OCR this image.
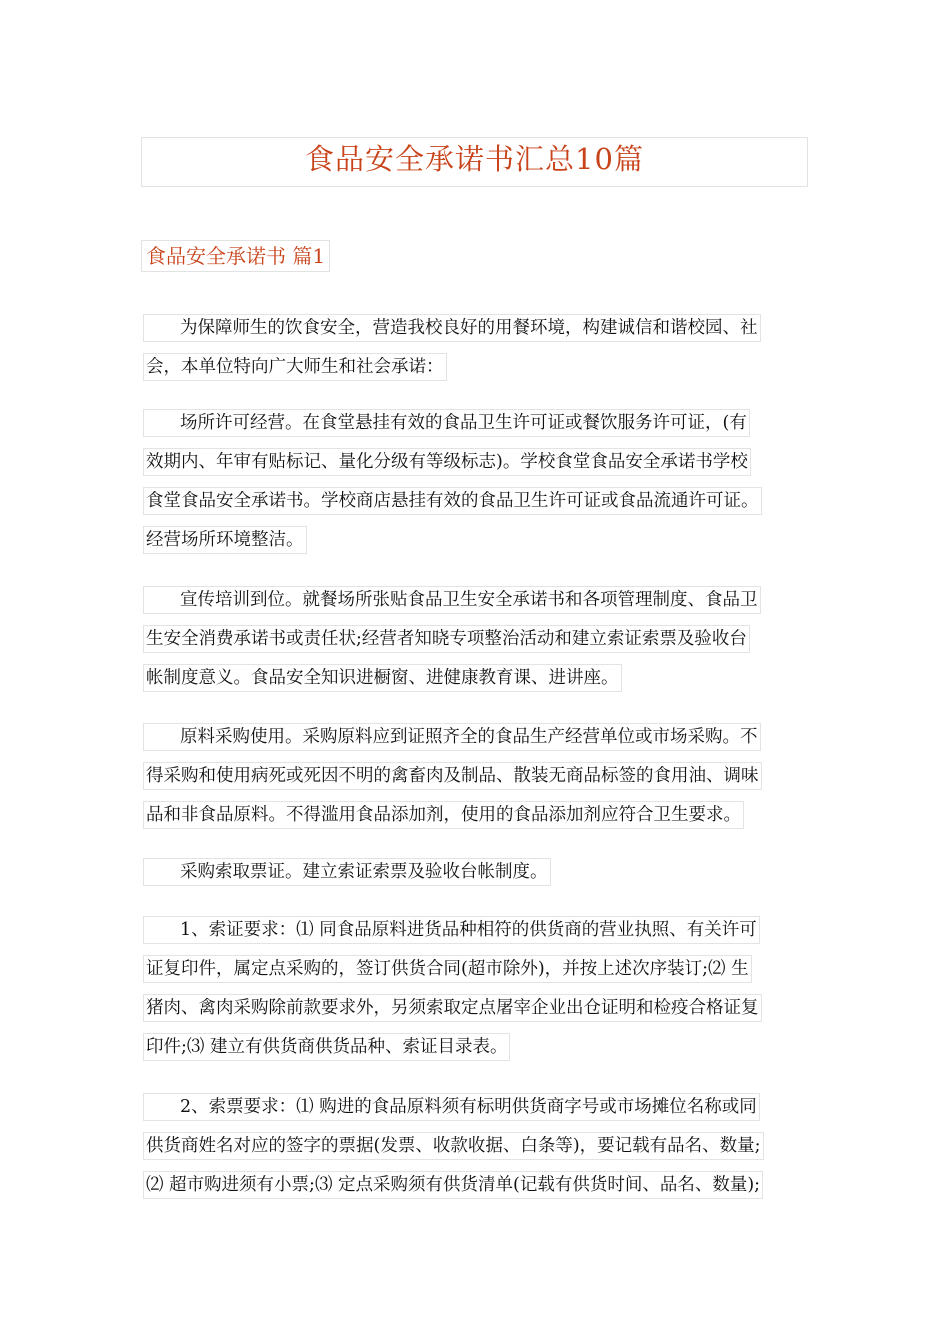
食品安全承诺书汇总10篇
食品安全承诺书 篇1
为保障师生的饮食安全，营造我校良好的用餐环境，构建诚信和谐校园、社
会，本单位特向广大师生和社会承诺：
场所许可经营。在食堂悬挂有效的食品卫生许可证或餐饮服务许可证，(有
效期内、年审有贴标记、量化分级有等级标志)。学校食堂食品安全承诺书学校
食堂食品安全承诺书。学校商店悬挂有效的食品卫生许可证或食品流通许可证。
经营场所环境整洁。
宣传培训到位。就餐场所张贴食品卫生安全承诺书和各项管理制度、食品卫
生安全消费承诺书或责任状;经营者知晓专项整治活动和建立索证索票及验收台
帐制度意义。食品安全知识进橱窗、进健康教育课、进讲座。
原料采购使用。采购原料应到证照齐全的食品生产经营单位或市场采购。不
得采购和使用病死或死因不明的禽畜肉及制品、散装无商品标签的食用油、调味
品和非食品原料。不得滥用食品添加剂，使用的食品添加剂应符合卫生要求。
采购索取票证。建立索证索票及验收台帐制度。
1、索证要求：⑴ 同食品原料进货品种相符的供货商的营业执照、有关许可
证复印件，属定点采购的，签订供货合同(超市除外)，并按上述次序装订;⑵ 生
猪肉、禽肉采购除前款要求外，另须索取定点屠宰企业出仓证明和检疫合格证复
印件;⑶ 建立有供货商供货品种、索证目录表。
2、索票要求：⑴ 购进的食品原料须有标明供货商字号或市场摊位名称或同
供货商姓名对应的签字的票据(发票、收款收据、白条等)，要记载有品名、数量;
⑵ 超市购进须有小票;⑶ 定点采购须有供货清单(记载有供货时间、品名、数量);
